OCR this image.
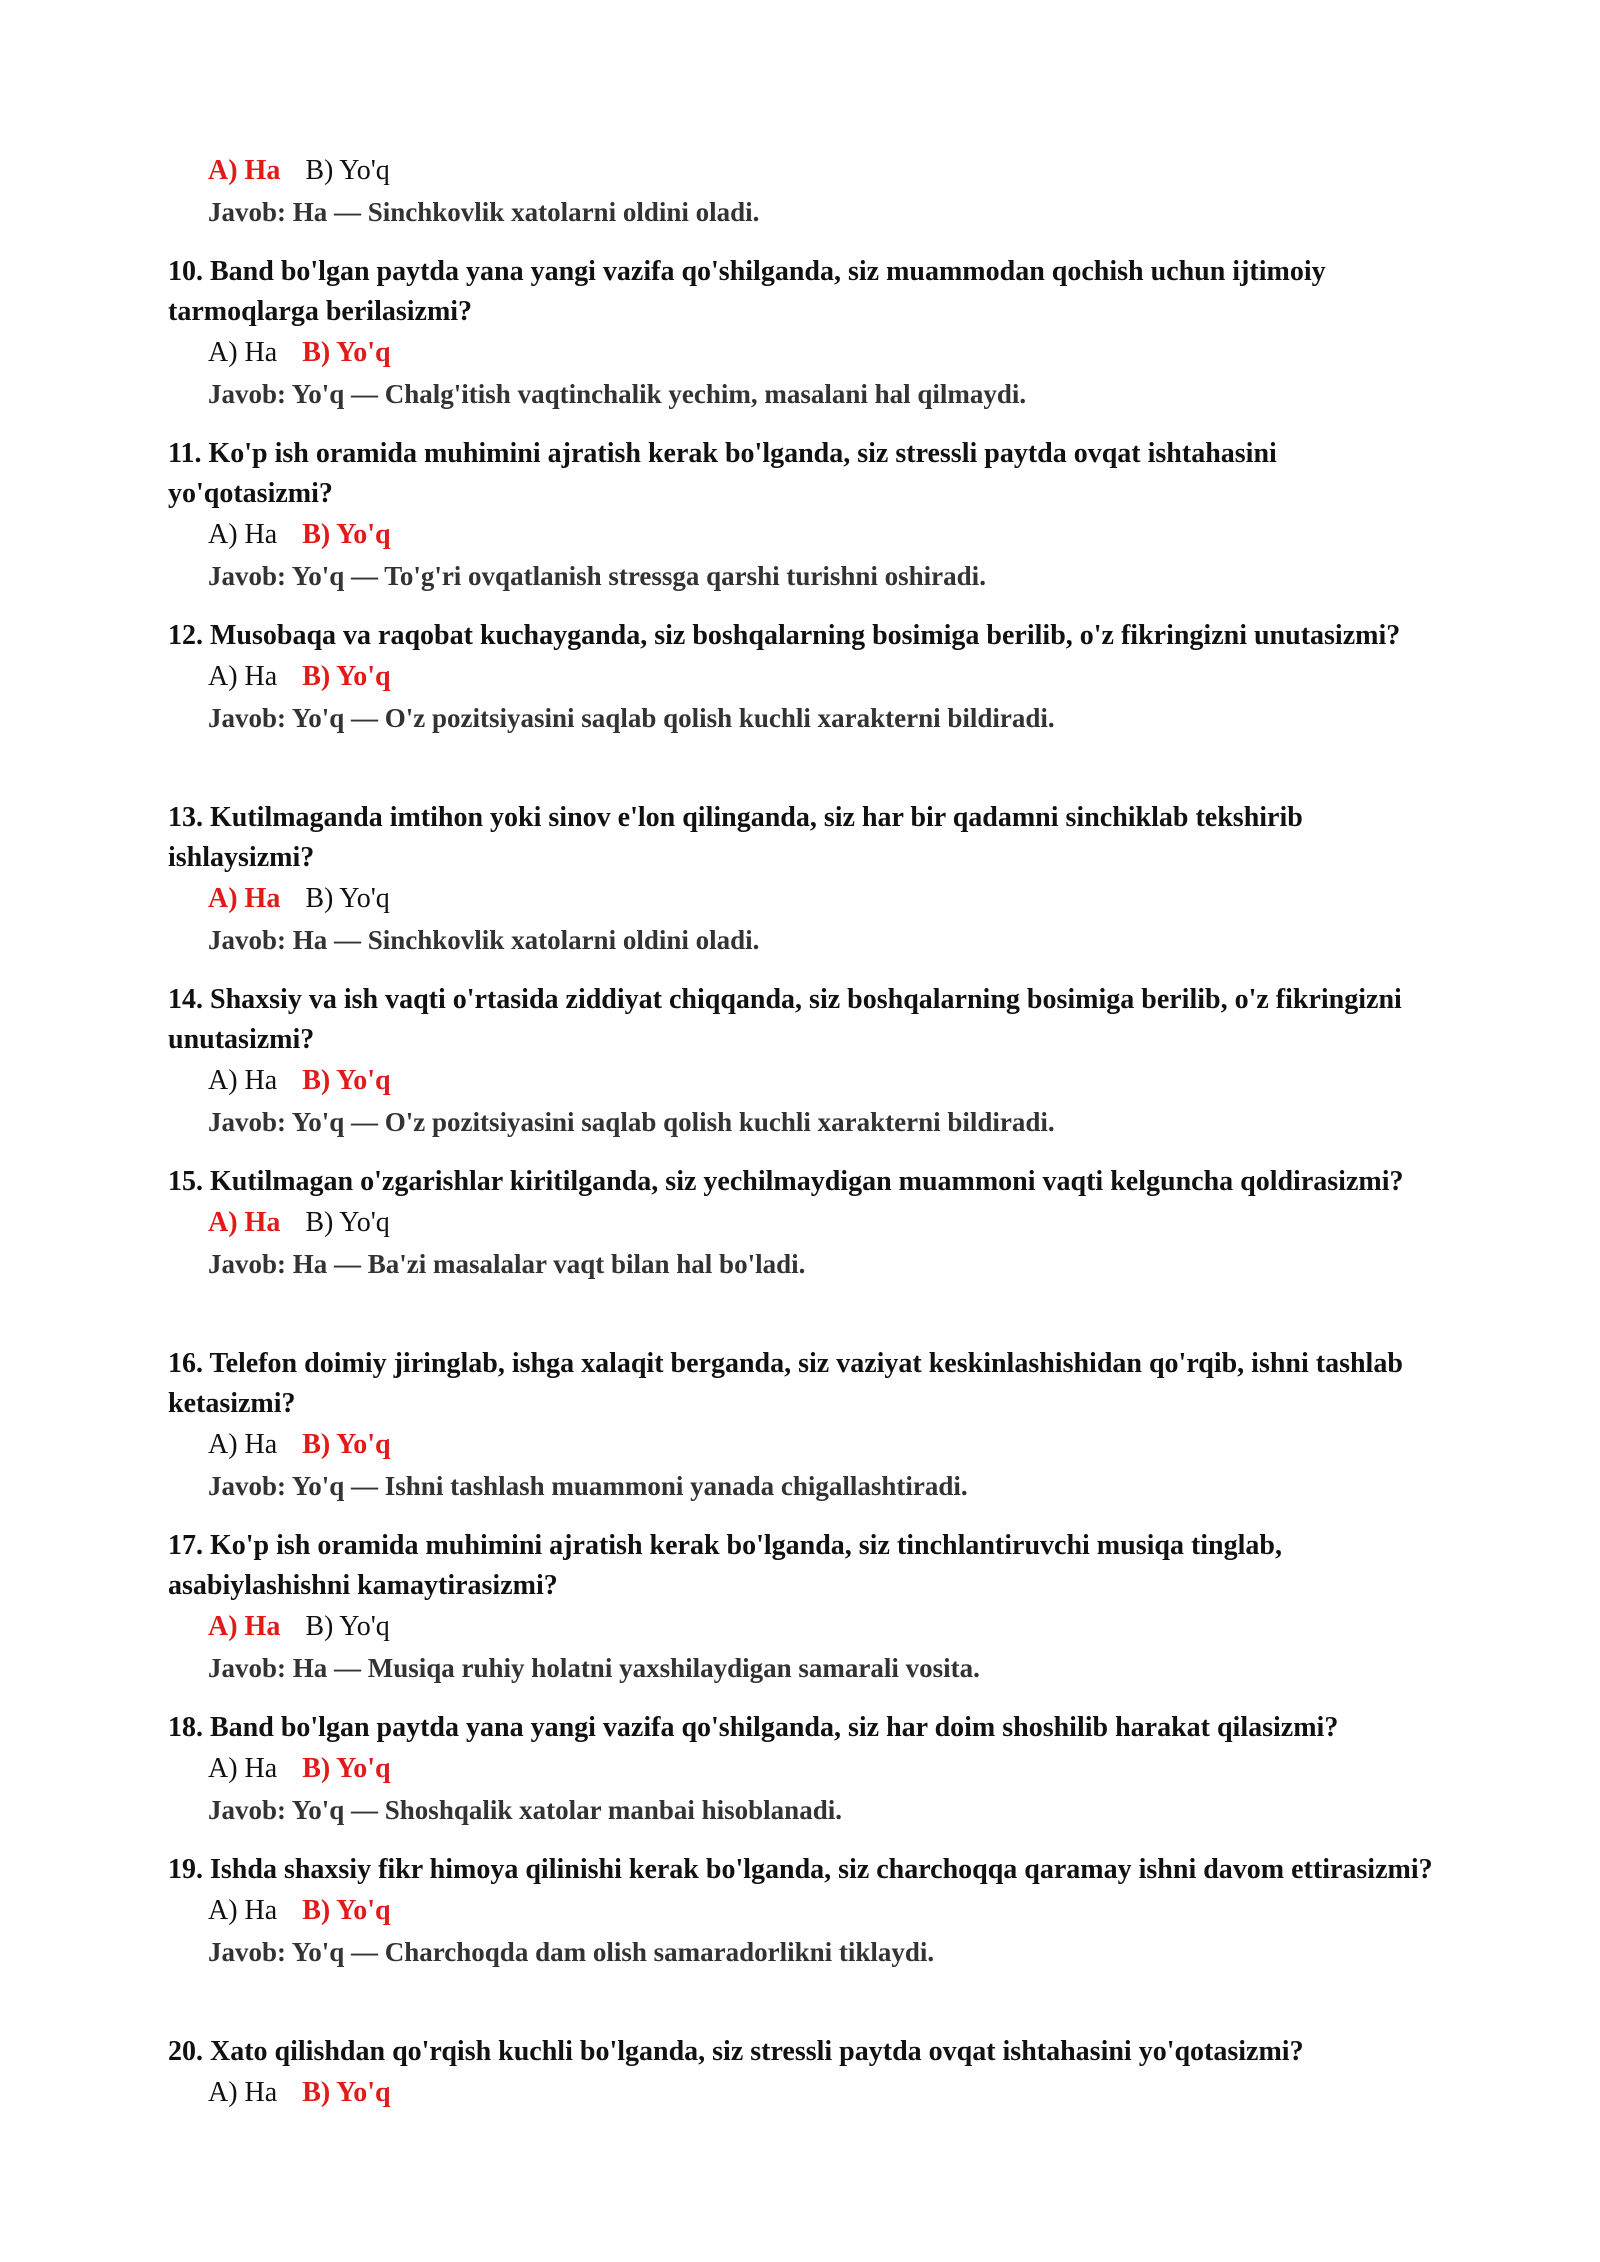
A) Ha B) Yo'q
Javob: Ha — Sinchkovlik xatolarni oldini oladi.

10. Band bo'lgan paytda yana yangi vazifa qo'shilganda, siz muammodan qochish uchun ijtimoiy tarmoqlarga berilasizmi?

A) Ha B) Yo'q
Javob: Yo'q — Chalg'itish vaqtinchalik yechim, masalani hal qilmaydi.

11. Ko'p ish oramida muhimini ajratish kerak bo'lganda, siz stressli paytda ovqat ishtahasini yo'qotasizmi?

A) Ha B) Yo'q
Javob: Yo'q — To'g'ri ovqatlanish stressga qarshi turishni oshiradi.

12. Musobaqa va raqobat kuchayganda, siz boshqalarning bosimiga berilib, o'z fikringizni unutasizmi?

A) Ha B) Yo'q
Javob: Yo'q — O'z pozitsiyasini saqlab qolish kuchli xarakterni bildiradi.

13. Kutilmaganda imtihon yoki sinov e'lon qilinganda, siz har bir qadamni sinchiklab tekshirib ishlaysizmi?

A) Ha B) Yo'q
Javob: Ha — Sinchkovlik xatolarni oldini oladi.

14. Shaxsiy va ish vaqti o'rtasida ziddiyat chiqqanda, siz boshqalarning bosimiga berilib, o'z fikringizni unutasizmi?

A) Ha B) Yo'q
Javob: Yo'q — O'z pozitsiyasini saqlab qolish kuchli xarakterni bildiradi.

15. Kutilmagan o'zgarishlar kiritilganda, siz yechilmaydigan muammoni vaqti kelguncha qoldirasizmi?

A) Ha B) Yo'q
Javob: Ha — Ba'zi masalalar vaqt bilan hal bo'ladi.

16. Telefon doimiy jiringlab, ishga xalaqit berganda, siz vaziyat keskinlashishidan qo'rqib, ishni tashlab ketasizmi?

A) Ha B) Yo'q
Javob: Yo'q — Ishni tashlash muammoni yanada chigallashtiradi.

17. Ko'p ish oramida muhimini ajratish kerak bo'lganda, siz tinchlantiruvchi musiqa tinglab, asabiylashishni kamaytirasizmi?

A) Ha B) Yo'q
Javob: Ha — Musiqa ruhiy holatni yaxshilaydigan samarali vosita.

18. Band bo'lgan paytda yana yangi vazifa qo'shilganda, siz har doim shoshilib harakat qilasizmi?

A) Ha B) Yo'q
Javob: Yo'q — Shoshqalik xatolar manbai hisoblanadi.

19. Ishda shaxsiy fikr himoya qilinishi kerak bo'lganda, siz charchoqqa qaramay ishni davom ettirasizmi?

A) Ha B) Yo'q
Javob: Yo'q — Charchoqda dam olish samaradorlikni tiklaydi.

20. Xato qilishdan qo'rqish kuchli bo'lganda, siz stressli paytda ovqat ishtahasini yo'qotasizmi?

A) Ha B) Yo'q
